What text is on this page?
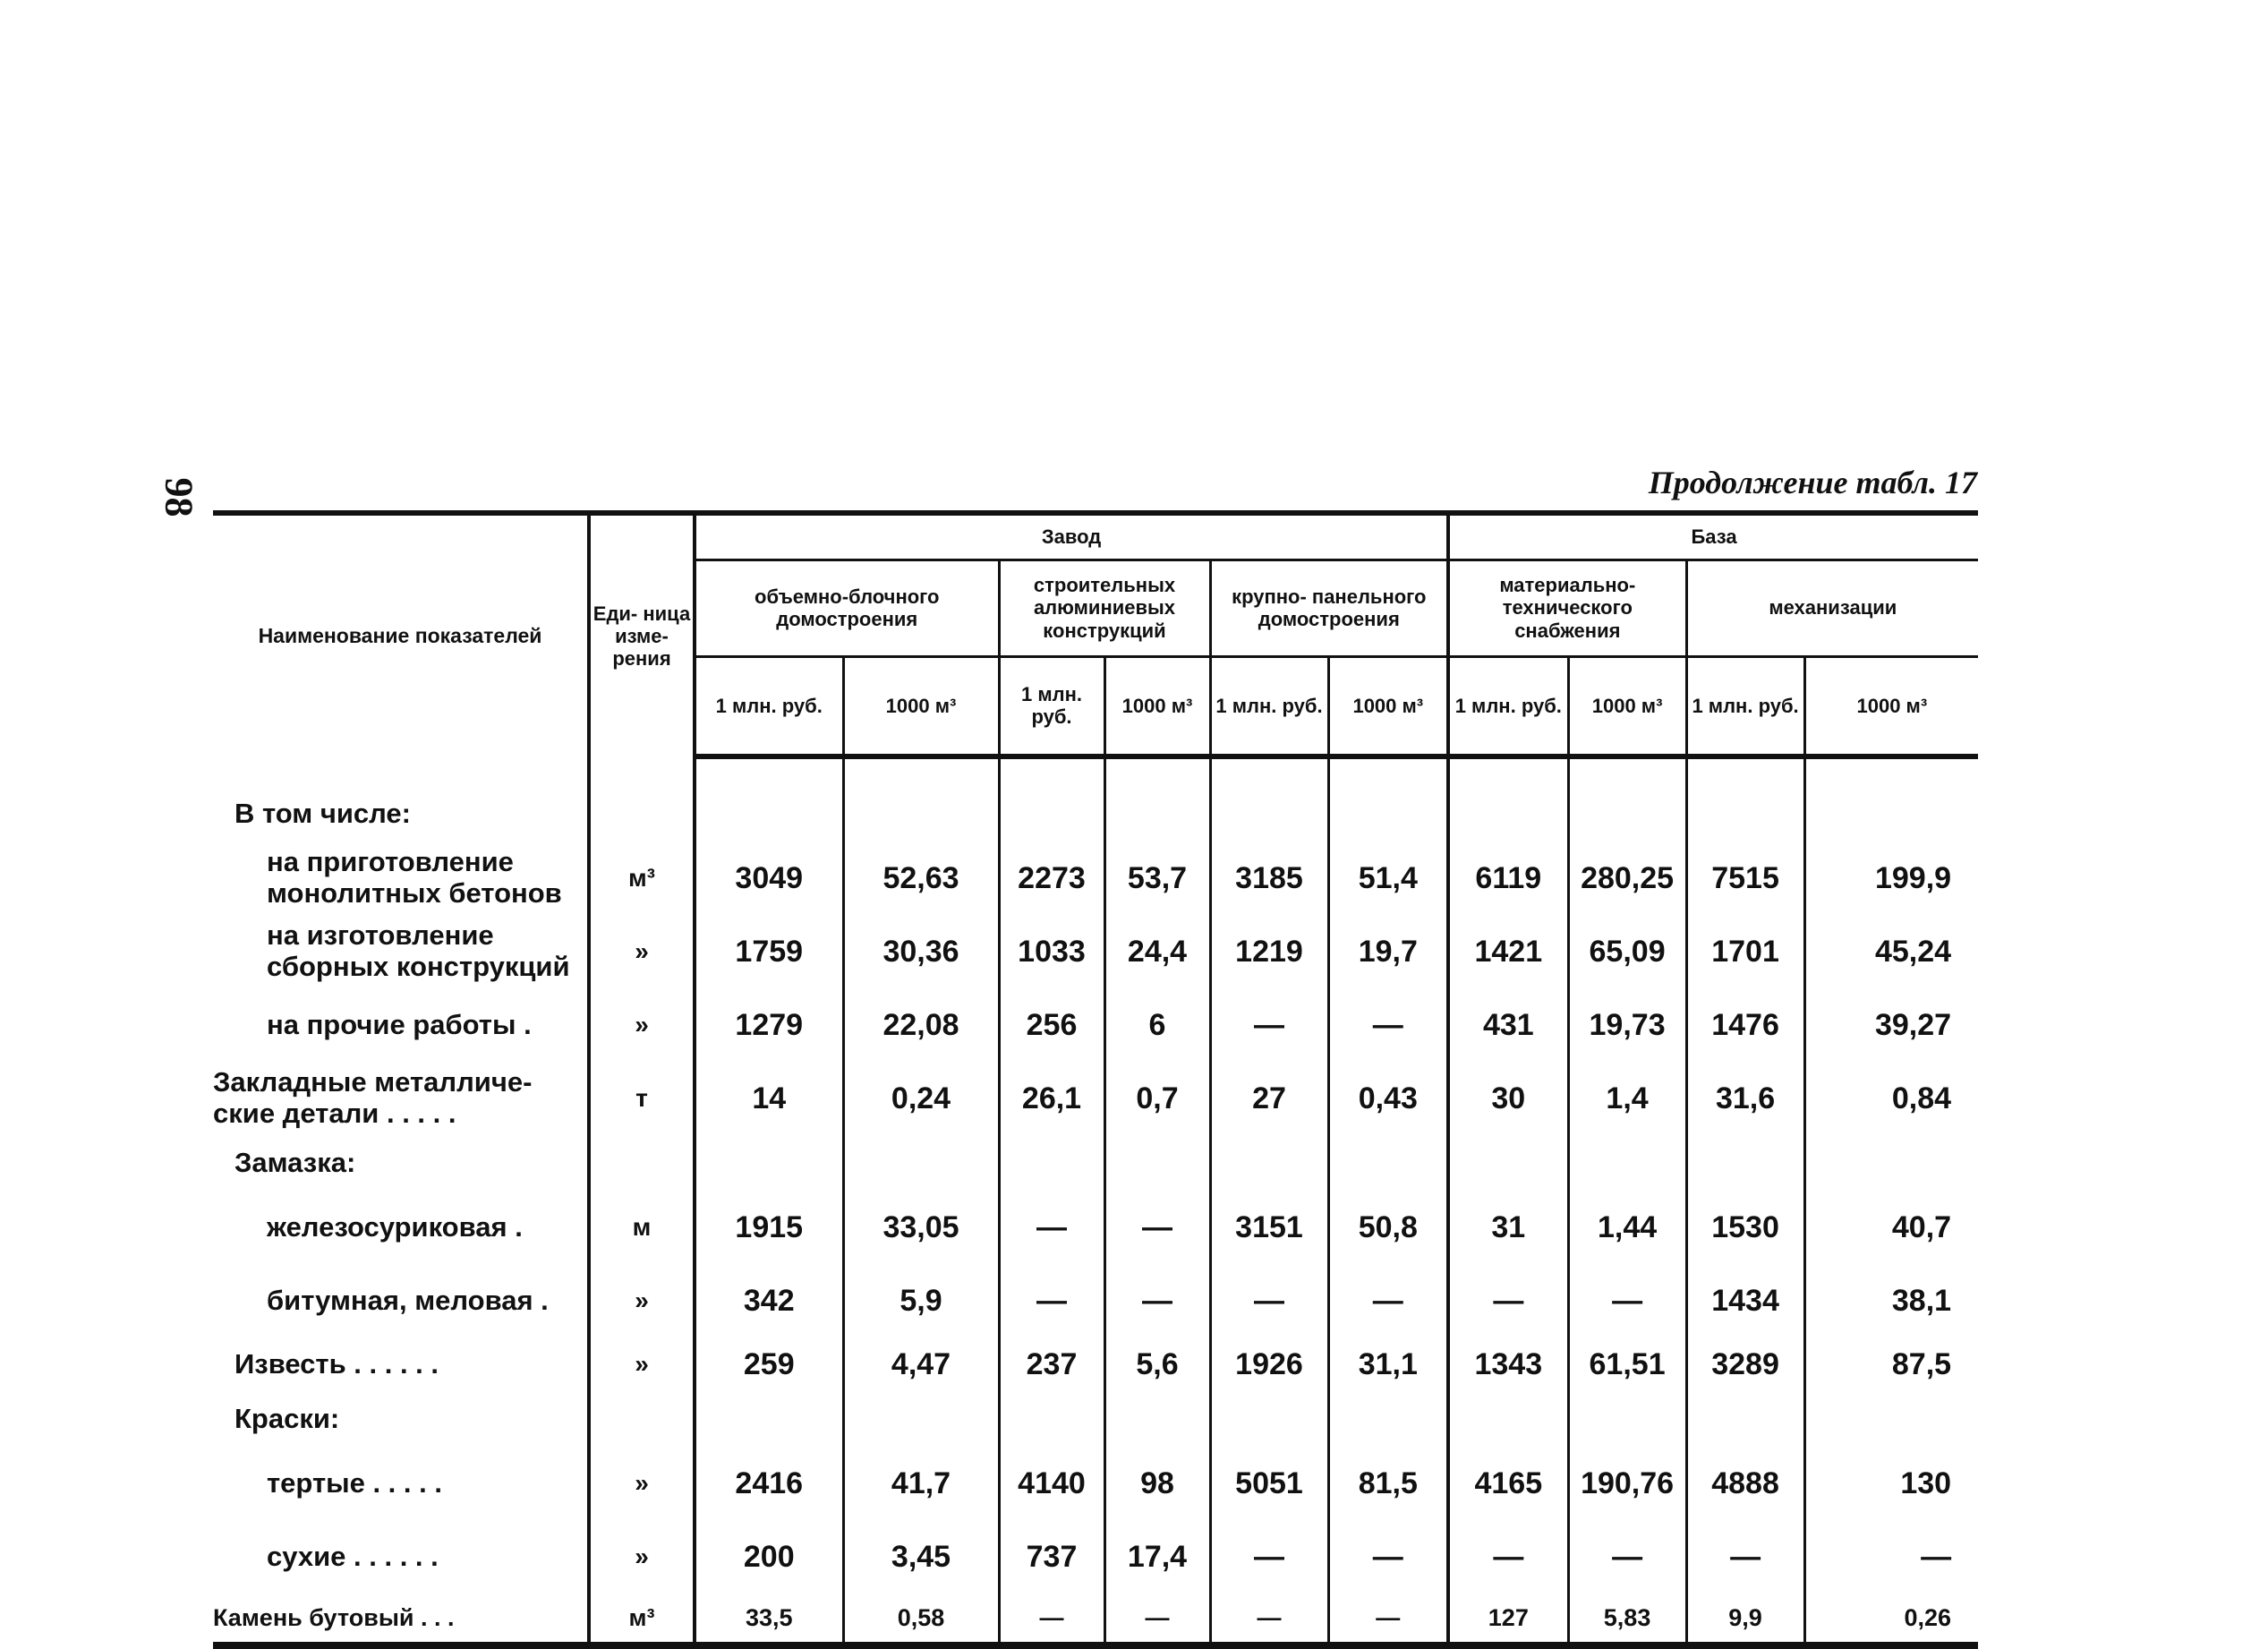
98	Продолжение табл. 17
Наименование показателей	Еди- ница изме- рения	Завод						База			
		объемно-блочного домостроения		строительных алюминиевых конструкций		крупно- панельного домостроения		материально- технического снабжения		механизации	
		1 млн. руб.	1000 м³	1 млн. руб.	1000 м³	1 млн. руб.	1000 м³	1 млн. руб.	1000 м³	1 млн. руб.	1000 м³

В том числе:											
на приготовление монолитных бетонов	м³	3049	52,63	2273	53,7	3185	51,4	6119	280,25	7515	199,9
на изготовление сборных конструкций	»	1759	30,36	1033	24,4	1219	19,7	1421	65,09	1701	45,24
на прочие работы .	»	1279	22,08	256	6	—	—	431	19,73	1476	39,27
Закладные металличе- ские детали . . . . .	т	14	0,24	26,1	0,7	27	0,43	30	1,4	31,6	0,84
Замазка:											
железосуриковая .	м	1915	33,05	—	—	3151	50,8	31	1,44	1530	40,7
битумная, меловая .	»	342	5,9	—	—	—	—	—	—	1434	38,1
Известь . . . . . .	»	259	4,47	237	5,6	1926	31,1	1343	61,51	3289	87,5
Краски:											
тертые . . . . .	»	2416	41,7	4140	98	5051	81,5	4165	190,76	4888	130
сухие . . . . . .	»	200	3,45	737	17,4	—	—	—	—	—	—
Камень бутовый . . .	м³	33,5	0,58	—	—	—	—	127	5,83	9,9	0,26
